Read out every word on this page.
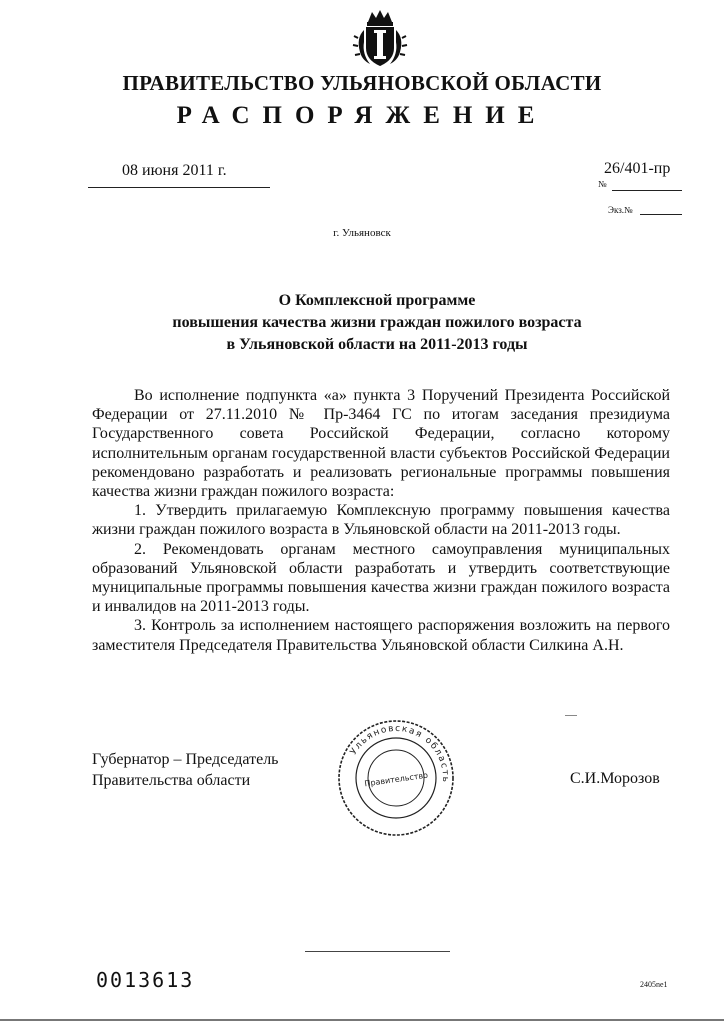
ПРАВИТЕЛЬСТВО УЛЬЯНОВСКОЙ ОБЛАСТИ
РАСПОРЯЖЕНИЕ
08 июня 2011 г.	26/401-пр
№
Экз.№
г. Ульяновск
О Комплексной программе
повышения качества жизни граждан пожилого возраста
в Ульяновской области на 2011-2013 годы

Во исполнение подпункта «а» пункта 3 Поручений Президента Российской Федерации от 27.11.2010 № Пр-3464 ГС по итогам заседания президиума Государственного совета Российской Федерации, согласно которому исполнительным органам государственной власти субъектов Российской Федерации рекомендовано разработать и реализовать региональные программы повышения качества жизни граждан пожилого возраста:

1. Утвердить прилагаемую Комплексную программу повышения качества жизни граждан пожилого возраста в Ульяновской области на 2011-2013 годы.

2. Рекомендовать органам местного самоуправления муниципальных образований Ульяновской области разработать и утвердить соответствующие муниципальные программы повышения качества жизни граждан пожилого возраста и инвалидов на 2011-2013 годы.

3. Контроль за исполнением настоящего распоряжения возложить на первого заместителя Председателя Правительства Ульяновской области Силкина А.Н.

Губернатор – Председатель
Правительства области
Ульяновская область
Правительство	С.И.Морозов
0013613	2405ne1
